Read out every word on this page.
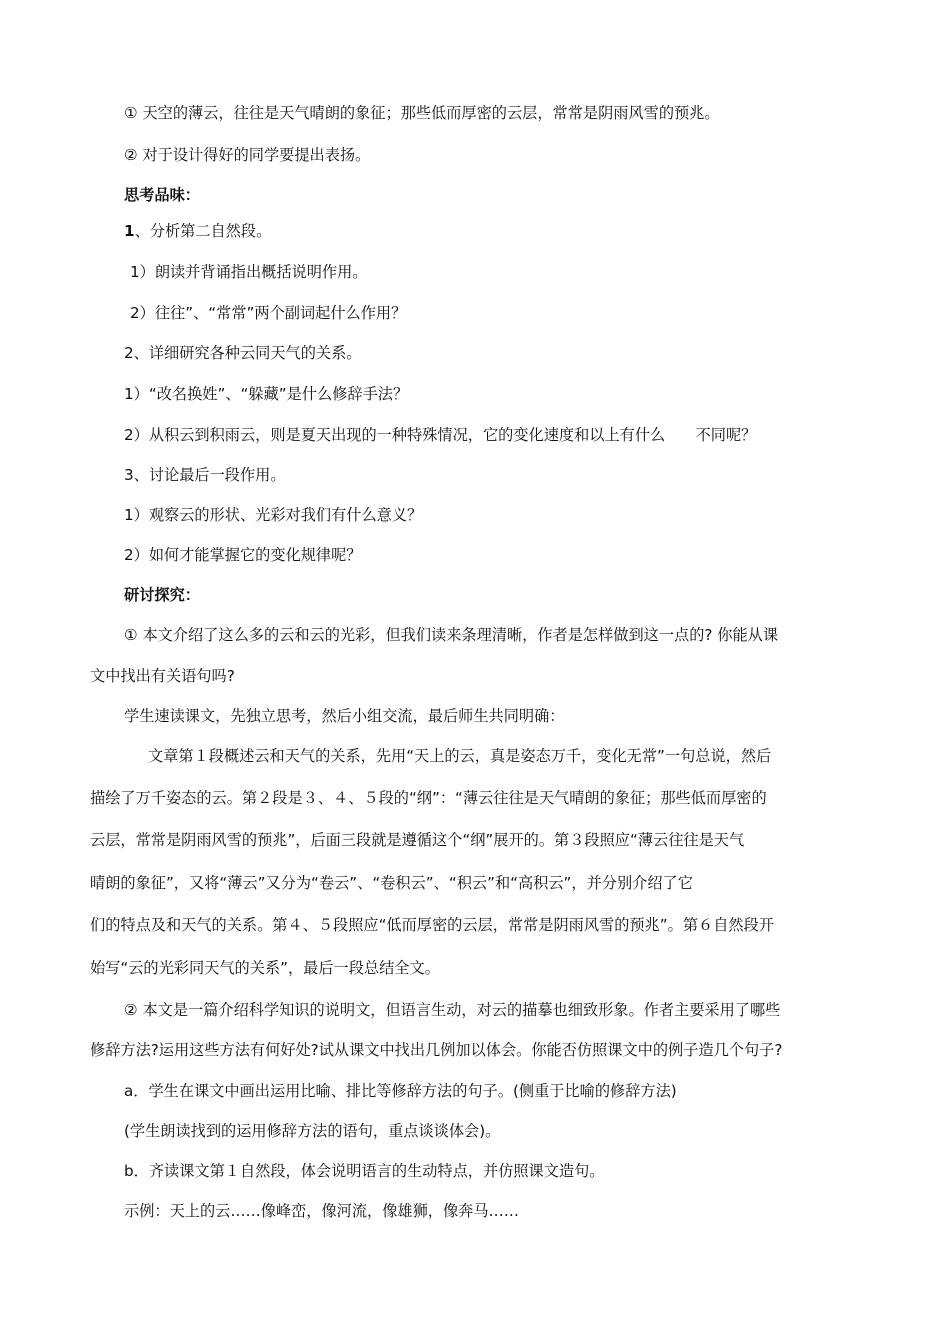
① 天空的薄云，往往是天气晴朗的象征；那些低而厚密的云层，常常是阴雨风雪的预兆。
② 对于设计得好的同学要提出表扬。
思考品味：
1、分析第二自然段。
1）朗读并背诵指出概括说明作用。
2）往往”、“常常”两个副词起什么作用？
2、详细研究各种云同天气的关系。
1）“改名换姓”、“躲藏”是什么修辞手法？
2）从积云到积雨云，则是夏天出现的一种特殊情况，它的变化速度和以上有什么　　不同呢？
3、讨论最后一段作用。
1）观察云的形状、光彩对我们有什么意义？
2）如何才能掌握它的变化规律呢？
研讨探究：
① 本文介绍了这么多的云和云的光彩，但我们读来条理清晰，作者是怎样做到这一点的? 你能从课
文中找出有关语句吗?
学生速读课文，先独立思考，然后小组交流，最后师生共同明确：
文章第１段概述云和天气的关系，先用“天上的云，真是姿态万千，变化无常”一句总说，然后
描绘了万千姿态的云。第２段是３、４、５段的“纲”：“薄云往往是天气晴朗的象征；那些低而厚密的
云层，常常是阴雨风雪的预兆”，后面三段就是遵循这个“纲”展开的。第３段照应“薄云往往是天气
晴朗的象征”，又将“薄云”又分为“卷云”、“卷积云”、“积云”和“高积云”，并分别介绍了它
们的特点及和天气的关系。第４、５段照应“低而厚密的云层，常常是阴雨风雪的预兆”。第６自然段开
始写“云的光彩同天气的关系”，最后一段总结全文。
② 本文是一篇介绍科学知识的说明文，但语言生动，对云的描摹也细致形象。作者主要采用了哪些
修辞方法?运用这些方法有何好处?试从课文中找出几例加以体会。你能否仿照课文中的例子造几个句子?
a．学生在课文中画出运用比喻、排比等修辞方法的句子。(侧重于比喻的修辞方法)
(学生朗读找到的运用修辞方法的语句，重点谈谈体会)。
b．齐读课文第１自然段，体会说明语言的生动特点，并仿照课文造句。
示例：天上的云……像峰峦，像河流，像雄狮，像奔马……
